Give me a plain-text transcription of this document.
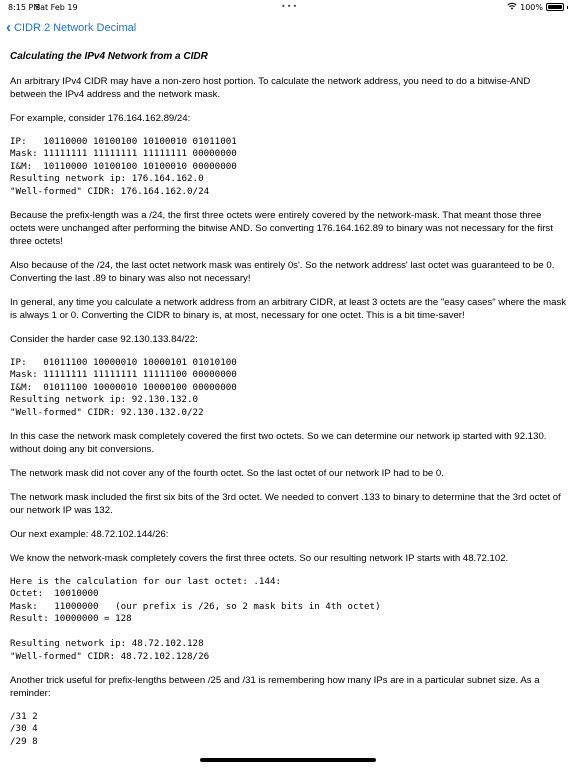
8:15 PM
Sat Feb 19	•••	100%
‹ CIDR 2 Network Decimal

Calculating the IPv4 Network from a CIDR

An arbitrary IPv4 CIDR may have a non-zero host portion. To calculate the network address, you need to do a bitwise-AND between the IPv4 address and the network mask.

For example, consider 176.164.162.89/24:

IP:   10110000 10100100 10100010 01011001
Mask: 11111111 11111111 11111111 00000000
I&M:  10110000 10100100 10100010 00000000
Resulting network ip: 176.164.162.0
"Well-formed" CIDR: 176.164.162.0/24

Because the prefix-length was a /24, the first three octets were entirely covered by the network-mask. That meant those three octets were unchanged after performing the bitwise AND. So converting 176.164.162.89 to binary was not necessary for the first three octets!

Also because of the /24, the last octet network mask was entirely 0s'. So the network address' last octet was guaranteed to be 0. Converting the last .89 to binary was also not necessary!

In general, any time you calculate a network address from an arbitrary CIDR, at least 3 octets are the "easy cases" where the mask is always 1 or 0. Converting the CIDR to binary is, at most, necessary for one octet. This is a bit time-saver!

Consider the harder case 92.130.133.84/22:

IP:   01011100 10000010 10000101 01010100
Mask: 11111111 11111111 11111100 00000000
I&M:  01011100 10000010 10000100 00000000
Resulting network ip: 92.130.132.0
"Well-formed" CIDR: 92.130.132.0/22

In this case the network mask completely covered the first two octets. So we can determine our network ip started with 92.130. without doing any bit conversions.

The network mask did not cover any of the fourth octet. So the last octet of our network IP had to be 0.

The network mask included the first six bits of the 3rd octet. We needed to convert .133 to binary to determine that the 3rd octet of our network IP was 132.

Our next example: 48.72.102.144/26:

We know the network-mask completely covers the first three octets. So our resulting network IP starts with 48.72.102.

Here is the calculation for our last octet: .144:
Octet:  10010000
Mask:   11000000   (our prefix is /26, so 2 mask bits in 4th octet)
Result: 10000000 = 128

Resulting network ip: 48.72.102.128
"Well-formed" CIDR: 48.72.102.128/26

Another trick useful for prefix-lengths between /25 and /31 is remembering how many IPs are in a particular subnet size. As a reminder:

/31 2
/30 4
/29 8
